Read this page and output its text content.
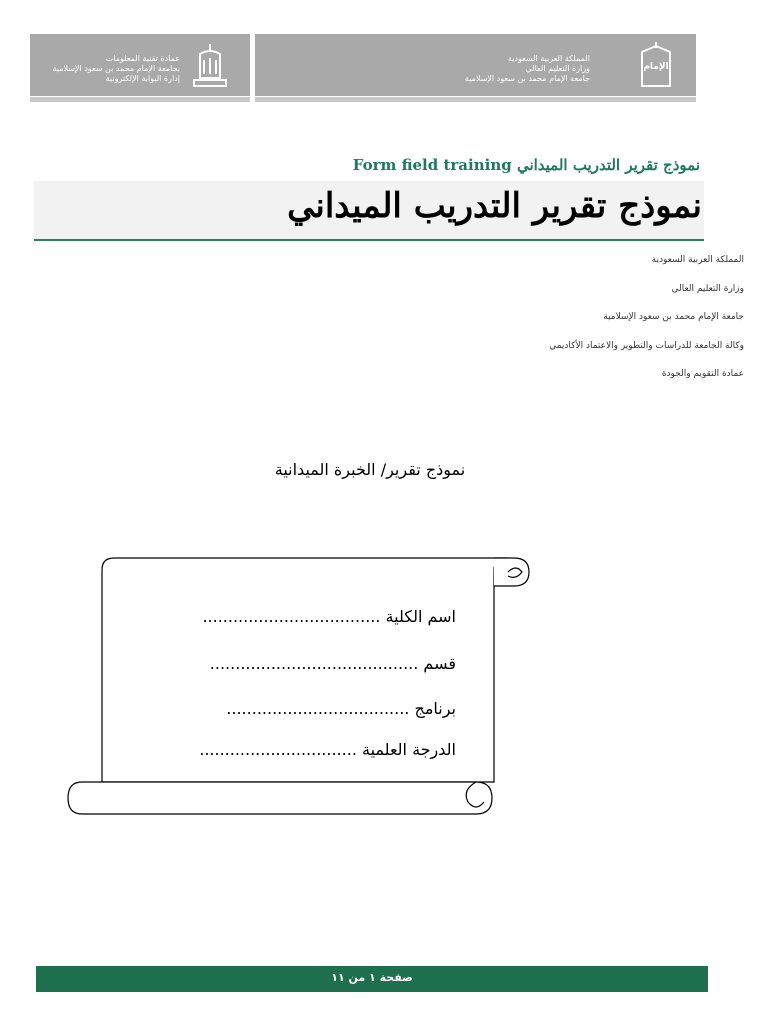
عمادة تقنية المعلومات
بجامعة الإمام محمد بن سعود الإسلامية
إدارة البوابة الإلكترونية
المملكة العربية السعودية
وزارة التعليم العالي
جامعة الإمام محمد بن سعود الإسلامية
الإمام
نموذج تقرير التدريب الميداني Form field training
نموذج تقرير التدريب الميداني
المملكة العربية السعودية
وزارة التعليم العالي
جامعة الإمام محمد بن سعود الإسلامية
وكالة الجامعة للدراسات والتطوير والاعتماد الأكاديمي
عمادة التقويم والجودة
نموذج تقرير/ الخبرة الميدانية
اسم الكلية ...................................
قسم .........................................
برنامج ....................................
الدرجة العلمية ...............................
صفحة ١ من ١١
